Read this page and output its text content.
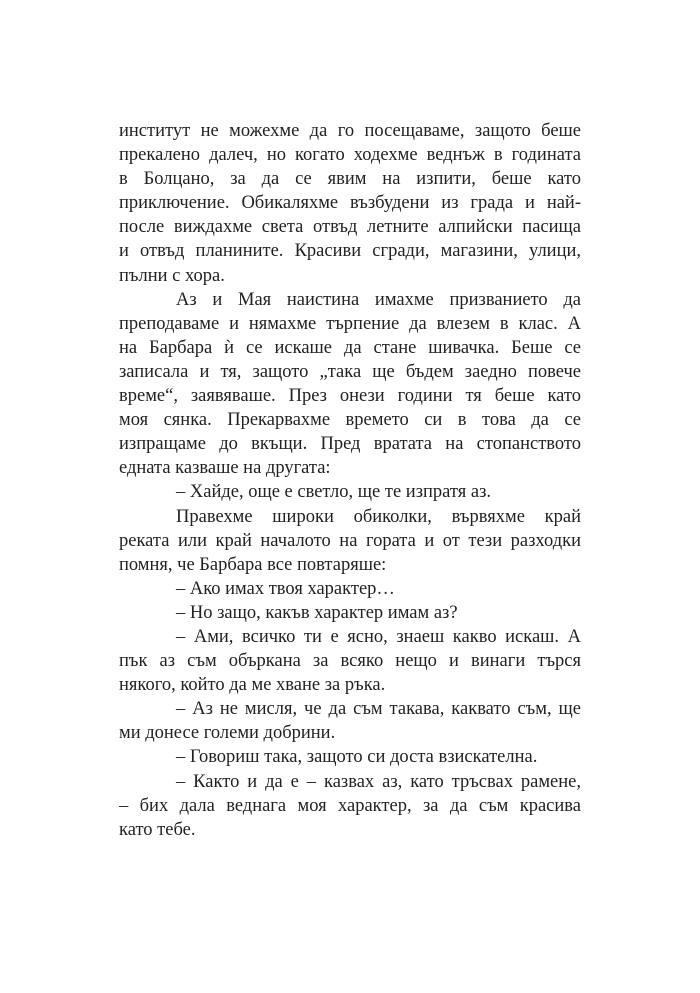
институт не можехме да го посещаваме, защото беше
прекалено далеч, но когато ходехме веднъж в годината
в Болцано, за да се явим на изпити, беше като
приключение. Обикаляхме възбудени из града и най-
после виждахме света отвъд летните алпийски пасища
и отвъд планините. Красиви сгради, магазини, улици,
пълни с хора.
Аз и Мая наистина имахме призванието да
преподаваме и нямахме търпение да влезем в клас. А
на Барбара ѝ се искаше да стане шивачка. Беше се
записала и тя, защото „така ще бъдем заедно повече
време“, заявяваше. През онези години тя беше като
моя сянка. Прекарвахме времето си в това да се
изпращаме до вкъщи. Пред вратата на стопанството
едната казваше на другата:
– Хайде, още е светло, ще те изпратя аз.
Правехме широки обиколки, вървяхме край
реката или край началото на гората и от тези разходки
помня, че Барбара все повтаряше:
– Ако имах твоя характер…
– Но защо, какъв характер имам аз?
– Ами, всичко ти е ясно, знаеш какво искаш. А
пък аз съм объркана за всяко нещо и винаги търся
някого, който да ме хване за ръка.
– Аз не мисля, че да съм такава, каквато съм, ще
ми донесе големи добрини.
– Говориш така, защото си доста взискателна.
– Както и да е – казвах аз, като тръсвах рамене,
– бих дала веднага моя характер, за да съм красива
като тебе.
